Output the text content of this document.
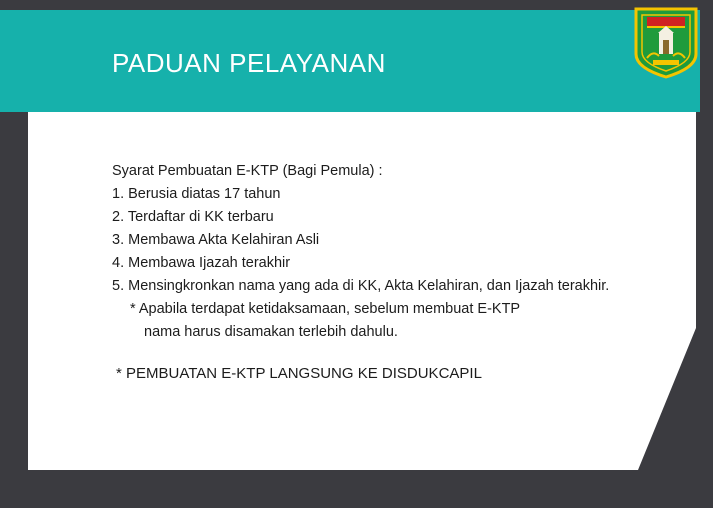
PADUAN PELAYANAN
Syarat Pembuatan E-KTP (Bagi Pemula) :
1. Berusia diatas 17 tahun
2. Terdaftar di KK terbaru
3. Membawa Akta Kelahiran Asli
4. Membawa Ijazah terakhir
5. Mensingkronkan nama yang ada di KK, Akta Kelahiran, dan Ijazah terakhir.
* Apabila terdapat ketidaksamaan, sebelum membuat E-KTP
nama harus disamakan terlebih dahulu.
* PEMBUATAN E-KTP LANGSUNG KE DISDUKCAPIL
